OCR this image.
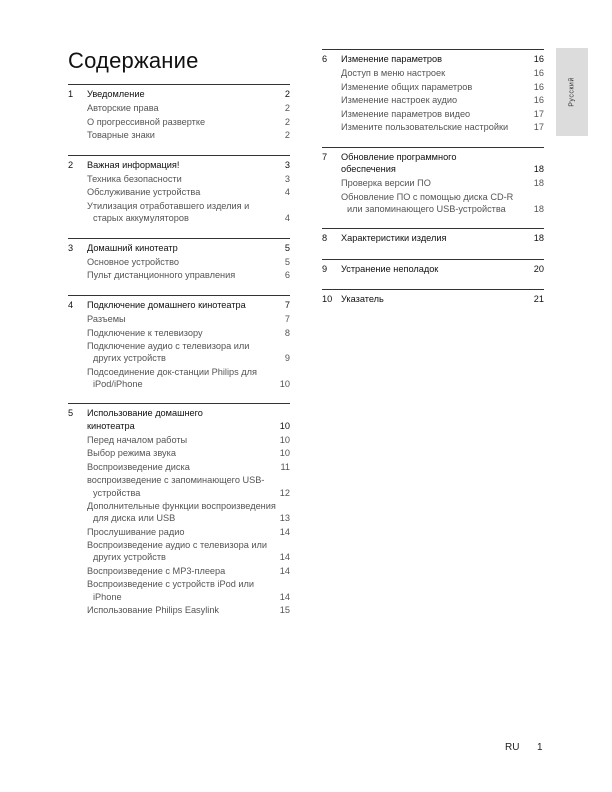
Содержание
1 Уведомление	2
Авторские права	2
О прогрессивной развертке	2
Товарные знаки	2
2 Важная информация!	3
Техника безопасности	3
Обслуживание устройства	4
Утилизация отработавшего изделия и
старых аккумуляторов	4
3 Домашний кинотеатр	5
Основное устройство	5
Пульт дистанционного управления	6
4 Подключение домашнего кинотеатра	7
Разъемы	7
Подключение к телевизору	8
Подключение аудио с телевизора или
других устройств	9
Подсоединение док-станции Philips для
iPod/iPhone	10
5 Использование домашнего
кинотеатра	10
Перед началом работы	10
Выбор режима звука	10
Воспроизведение диска	11
воспроизведение с запоминающего USB-
устройства	12
Дополнительные функции воспроизведения
для диска или USB	13
Прослушивание радио	14
Воспроизведение аудио с телевизора или
других устройств	14
Воспроизведение с MP3-плеера	14
Воспроизведение с устройств iPod или
iPhone	14
Использование Philips Easylink	15
6 Изменение параметров	16
Доступ в меню настроек	16
Изменение общих параметров	16
Изменение настроек аудио	16
Изменение параметров видео	17
Измените пользовательские настройки	17
7 Обновление программного
обеспечения	18
Проверка версии ПО	18
Обновление ПО с помощью диска CD-R
или запоминающего USB-устройства	18
8 Характеристики изделия	18
9 Устранение неполадок	20
10 Указатель	21
Русский
RU 1
